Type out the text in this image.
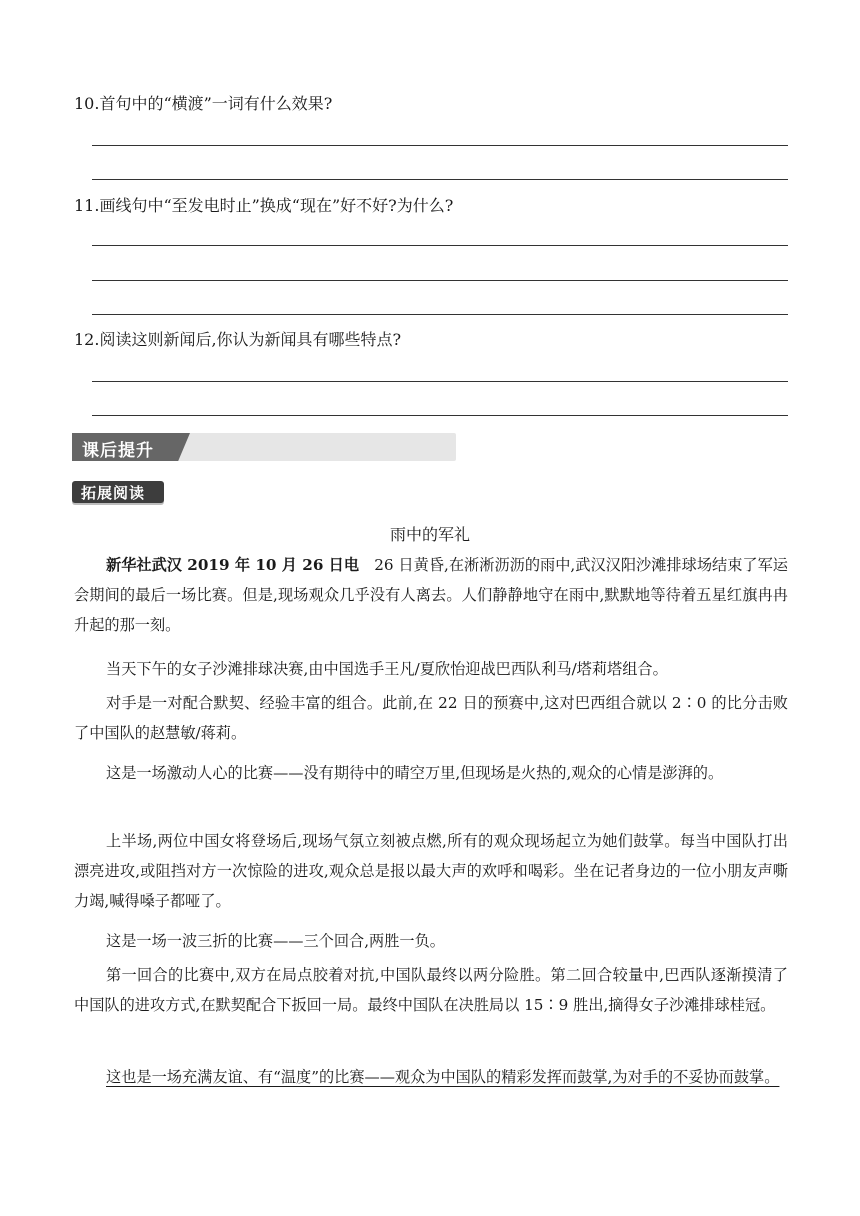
10.首句中的“横渡”一词有什么效果?
11.画线句中“至发电时止”换成“现在”好不好?为什么?
12.阅读这则新闻后,你认为新闻具有哪些特点?
课后提升
拓展阅读
雨中的军礼
新华社武汉 2019 年 10 月 26 日电　26 日黄昏,在淅淅沥沥的雨中,武汉汉阳沙滩排球场结束了军运会期间的最后一场比赛。但是,现场观众几乎没有人离去。人们静静地守在雨中,默默地等待着五星红旗冉冉升起的那一刻。
当天下午的女子沙滩排球决赛,由中国选手王凡/夏欣怡迎战巴西队利马/塔莉塔组合。
对手是一对配合默契、经验丰富的组合。此前,在 22 日的预赛中,这对巴西组合就以 2∶0 的比分击败了中国队的赵慧敏/蒋莉。
这是一场激动人心的比赛——没有期待中的晴空万里,但现场是火热的,观众的心情是澎湃的。
上半场,两位中国女将登场后,现场气氛立刻被点燃,所有的观众现场起立为她们鼓掌。每当中国队打出漂亮进攻,或阻挡对方一次惊险的进攻,观众总是报以最大声的欢呼和喝彩。坐在记者身边的一位小朋友声嘶力竭,喊得嗓子都哑了。
这是一场一波三折的比赛——三个回合,两胜一负。
第一回合的比赛中,双方在局点胶着对抗,中国队最终以两分险胜。第二回合较量中,巴西队逐渐摸清了中国队的进攻方式,在默契配合下扳回一局。最终中国队在决胜局以 15∶9 胜出,摘得女子沙滩排球桂冠。
这也是一场充满友谊、有“温度”的比赛——观众为中国队的精彩发挥而鼓掌,为对手的不妥协而鼓掌。
